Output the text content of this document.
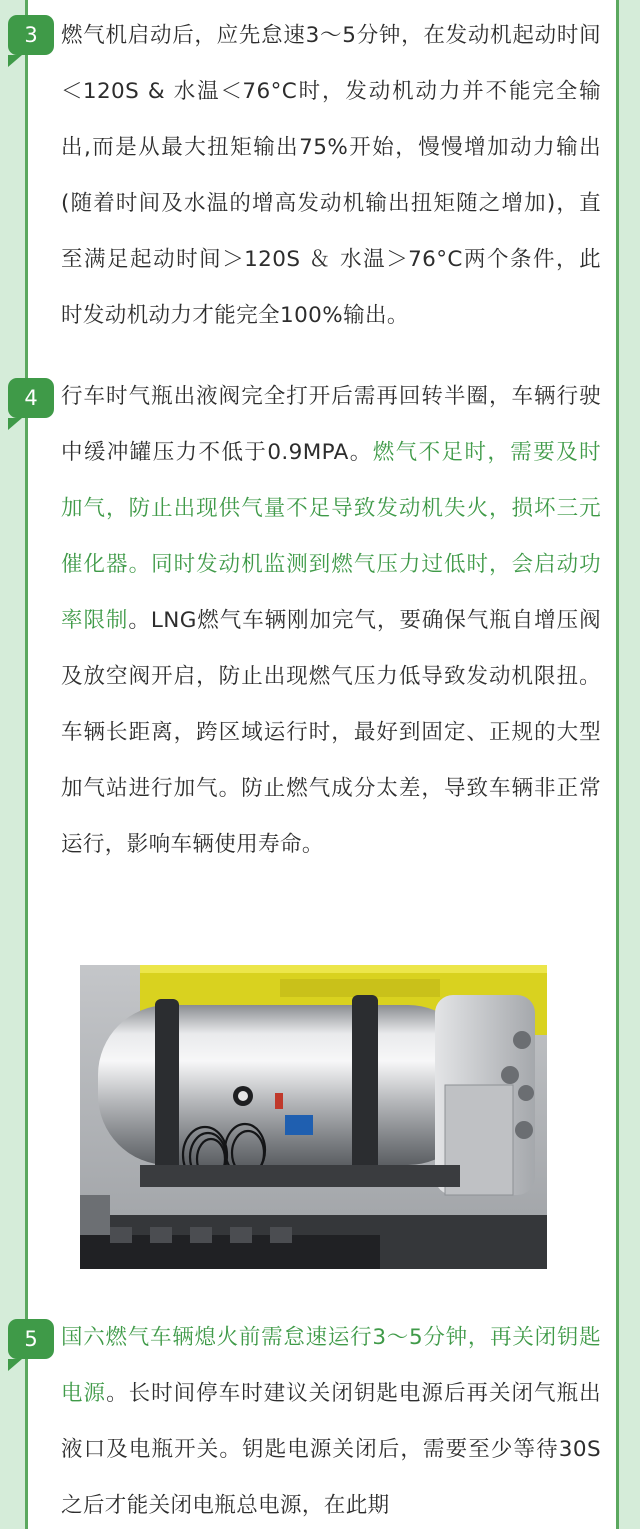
3	燃气机启动后，应先怠速3～5分钟，在发动机起动时间＜120S & 水温＜76°C时，发动机动力并不能完全输出,而是从最大扭矩输出75%开始，慢慢增加动力输出(随着时间及水温的增高发动机输出扭矩随之增加)，直至满足起动时间＞120S ＆ 水温＞76°C两个条件，此时发动机动力才能完全100%输出。
4	行车时气瓶出液阀完全打开后需再回转半圈，车辆行驶中缓冲罐压力不低于0.9MPA。燃气不足时，需要及时加气，防止出现供气量不足导致发动机失火，损坏三元催化器。同时发动机监测到燃气压力过低时，会启动功率限制。LNG燃气车辆刚加完气，要确保气瓶自增压阀及放空阀开启，防止出现燃气压力低导致发动机限扭。车辆长距离，跨区域运行时，最好到固定、正规的大型加气站进行加气。防止燃气成分太差，导致车辆非正常运行，影响车辆使用寿命。
5	国六燃气车辆熄火前需怠速运行3～5分钟，再关闭钥匙电源。长时间停车时建议关闭钥匙电源后再关闭气瓶出液口及电瓶开关。钥匙电源关闭后，需要至少等待30S之后才能关闭电瓶总电源，在此期
